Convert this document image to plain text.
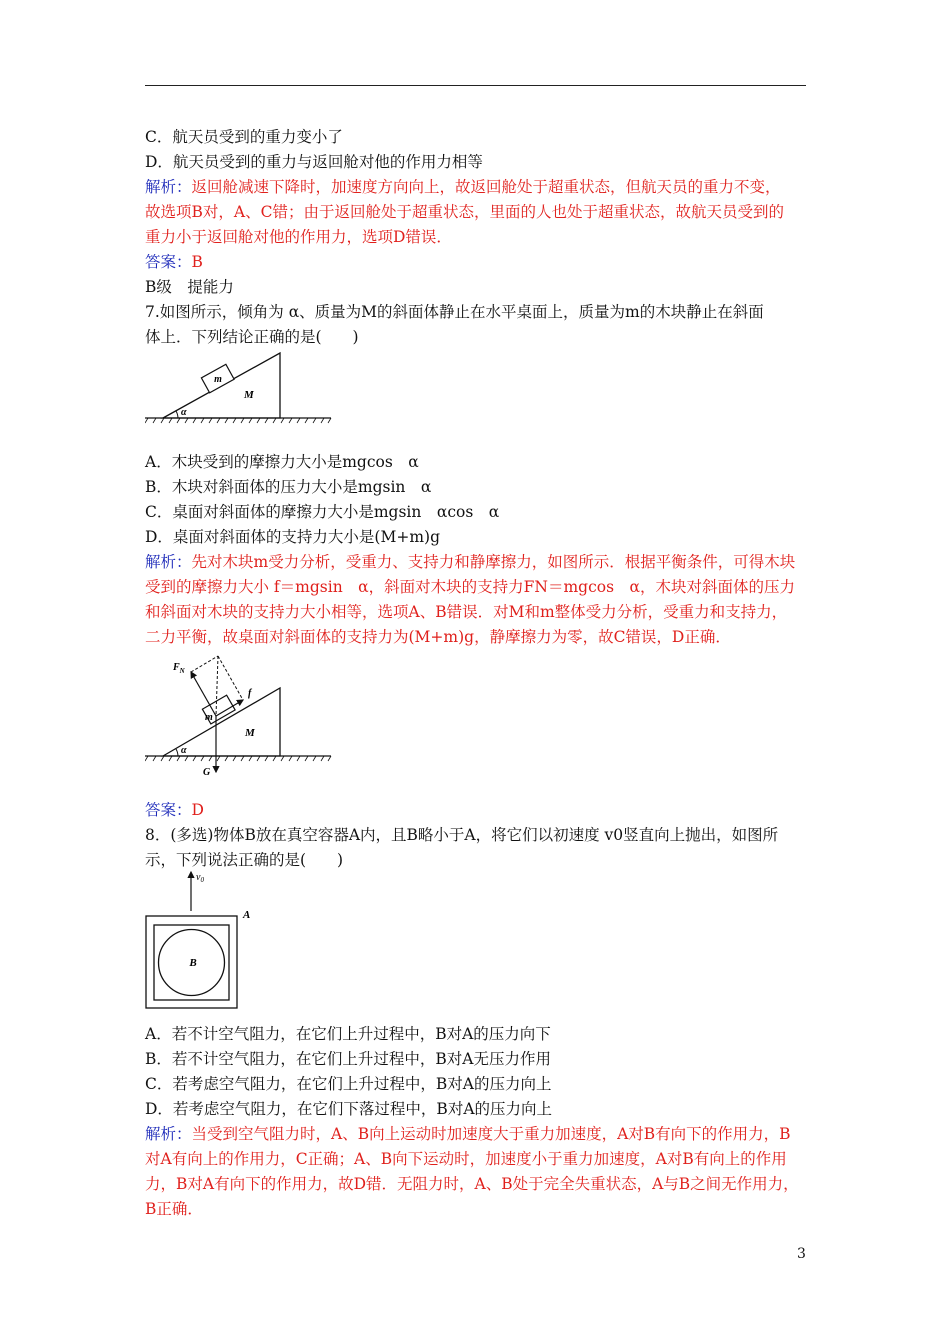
C．航天员受到的重力变小了
D．航天员受到的重力与返回舱对他的作用力相等
解析：返回舱减速下降时，加速度方向向上，故返回舱处于超重状态，但航天员的重力不变，
故选项B对，A、C错；由于返回舱处于超重状态，里面的人也处于超重状态，故航天员受到的
重力小于返回舱对他的作用力，选项D错误．
答案：B
B级　提能力
7.如图所示，倾角为 α、质量为M的斜面体静止在水平桌面上，质量为m的木块静止在斜面
体上．下列结论正确的是(　　)
m
M
α
A．木块受到的摩擦力大小是mgcos　α
B．木块对斜面体的压力大小是mgsin　α
C．桌面对斜面体的摩擦力大小是mgsin　αcos　α
D．桌面对斜面体的支持力大小是(M+m)g
解析：先对木块m受力分析，受重力、支持力和静摩擦力，如图所示．根据平衡条件，可得木块
受到的摩擦力大小 f＝mgsin　α，斜面对木块的支持力FN＝mgcos　α，木块对斜面体的压力
和斜面对木块的支持力大小相等，选项A、B错误．对M和m整体受力分析，受重力和支持力，
二力平衡，故桌面对斜面体的支持力为(M+m)g，静摩擦力为零，故C错误，D正确．
$F_N$
f
m
M
α
G
答案：D
8．(多选)物体B放在真空容器A内，且B略小于A，将它们以初速度 v0竖直向上抛出，如图所
示，下列说法正确的是(　　)
$v_0$
A
B
A．若不计空气阻力，在它们上升过程中，B对A的压力向下
B．若不计空气阻力，在它们上升过程中，B对A无压力作用
C．若考虑空气阻力，在它们上升过程中，B对A的压力向上
D．若考虑空气阻力，在它们下落过程中，B对A的压力向上
解析：当受到空气阻力时，A、B向上运动时加速度大于重力加速度，A对B有向下的作用力，B
对A有向上的作用力，C正确；A、B向下运动时，加速度小于重力加速度，A对B有向上的作用
力，B对A有向下的作用力，故D错．无阻力时，A、B处于完全失重状态，A与B之间无作用力，
B正确．
3
